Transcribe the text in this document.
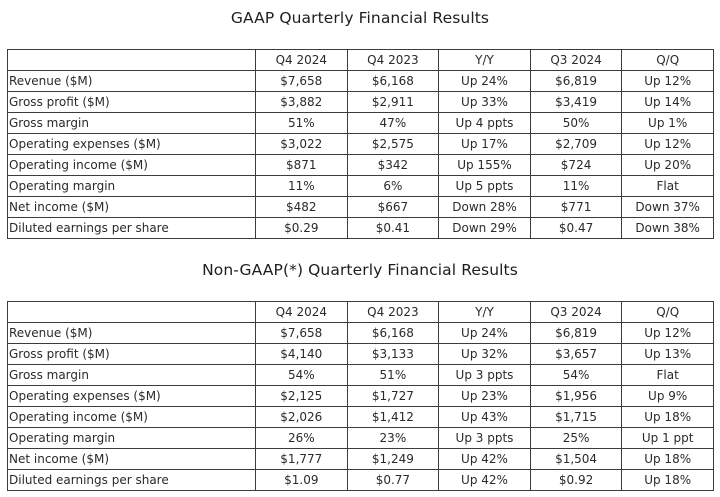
GAAP Quarterly Financial Results
	Q4 2024	Q4 2023	Y/Y	Q3 2024	Q/Q
Revenue ($M)	$7,658	$6,168	Up 24%	$6,819	Up 12%
Gross profit ($M)	$3,882	$2,911	Up 33%	$3,419	Up 14%
Gross margin	51%	47%	Up 4 ppts	50%	Up 1%
Operating expenses ($M)	$3,022	$2,575	Up 17%	$2,709	Up 12%
Operating income ($M)	$871	$342	Up 155%	$724	Up 20%
Operating margin	11%	6%	Up 5 ppts	11%	Flat
Net income ($M)	$482	$667	Down 28%	$771	Down 37%
Diluted earnings per share	$0.29	$0.41	Down 29%	$0.47	Down 38%
Non-GAAP(*) Quarterly Financial Results
	Q4 2024	Q4 2023	Y/Y	Q3 2024	Q/Q
Revenue ($M)	$7,658	$6,168	Up 24%	$6,819	Up 12%
Gross profit ($M)	$4,140	$3,133	Up 32%	$3,657	Up 13%
Gross margin	54%	51%	Up 3 ppts	54%	Flat
Operating expenses ($M)	$2,125	$1,727	Up 23%	$1,956	Up 9%
Operating income ($M)	$2,026	$1,412	Up 43%	$1,715	Up 18%
Operating margin	26%	23%	Up 3 ppts	25%	Up 1 ppt
Net income ($M)	$1,777	$1,249	Up 42%	$1,504	Up 18%
Diluted earnings per share	$1.09	$0.77	Up 42%	$0.92	Up 18%
